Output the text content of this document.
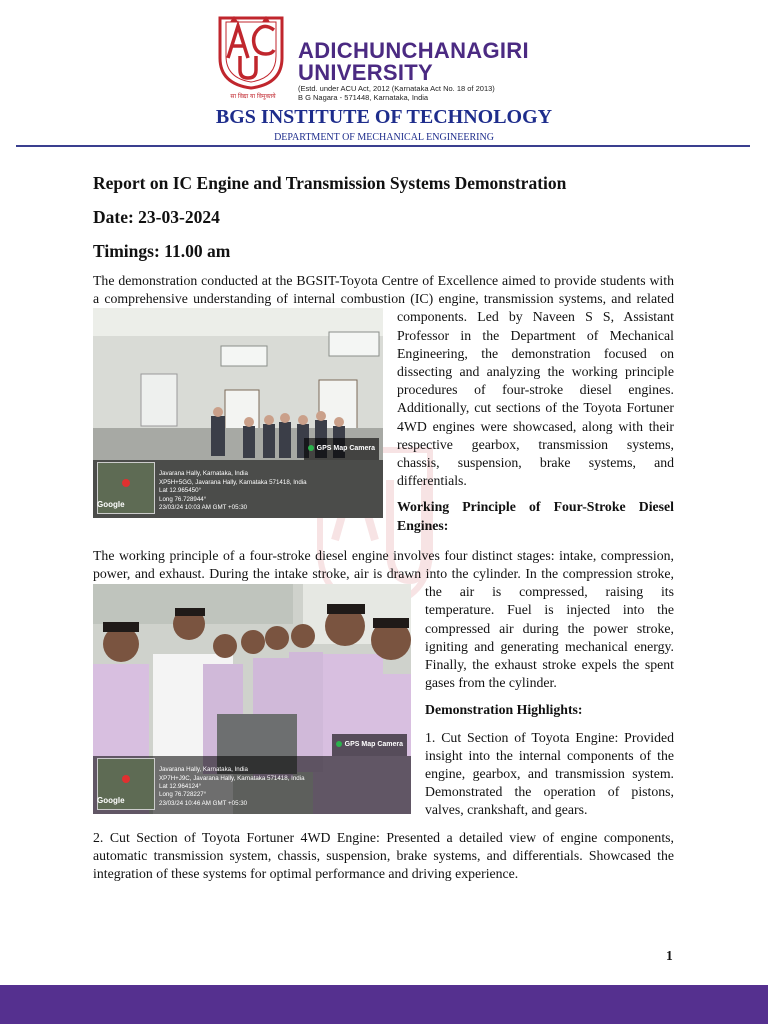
सा विद्या या विमुक्तये
ADICHUNCHANAGIRI
UNIVERSITY
(Estd. under ACU Act, 2012 (Karnataka Act No. 18 of 2013)
B G Nagara - 571448, Karnataka, India
BGS INSTITUTE OF TECHNOLOGY
DEPARTMENT OF MECHANICAL ENGINEERING
Report on IC Engine and Transmission Systems Demonstration
Date: 23-03-2024
Timings: 11.00 am

The demonstration conducted at the BGSIT-Toyota Centre of Excellence aimed to provide students with a comprehensive understanding of internal combustion (IC) engine,
GPS Map Camera
Google
Javarana Hally, Karnataka, India
XP5H+5GG, Javarana Hally, Karnataka 571418, India
Lat 12.965450°
Long 76.728944°
23/03/24 10:03 AM GMT +05:30
transmission systems, and related components. Led by Naveen S S, Assistant Professor in the Department of Mechanical Engineering, the demonstration focused on dissecting and analyzing the working principle procedures of four-stroke diesel engines. Additionally, cut sections of the Toyota Fortuner 4WD engines were showcased, along with their respective gearbox, transmission systems, chassis, suspension, brake systems, and differentials.

Working Principle of Four-Stroke Diesel Engines:

The working principle of a four-stroke diesel engine involves four distinct stages: intake, compression, power, and exhaust. During the intake stroke, air is drawn into the cylinder.
GPS Map Camera
Google
Javarana Hally, Karnataka, India
XP7H+J9C, Javarana Hally, Karnataka 571418, India
Lat 12.964124°
Long 76.728227°
23/03/24 10:46 AM GMT +05:30
In the compression stroke, the air is compressed, raising its temperature. Fuel is injected into the compressed air during the power stroke, igniting and generating mechanical energy. Finally, the exhaust stroke expels the spent gases from the cylinder.

Demonstration Highlights:

1. Cut Section of Toyota Engine: Provided insight into the internal components of the engine, gearbox, and transmission system. Demonstrated the operation of pistons, valves, crankshaft, and gears.

2. Cut Section of Toyota Fortuner 4WD Engine: Presented a detailed view of engine components, automatic transmission system, chassis, suspension, brake systems, and differentials. Showcased the integration of these systems for optimal performance and driving experience.

1
